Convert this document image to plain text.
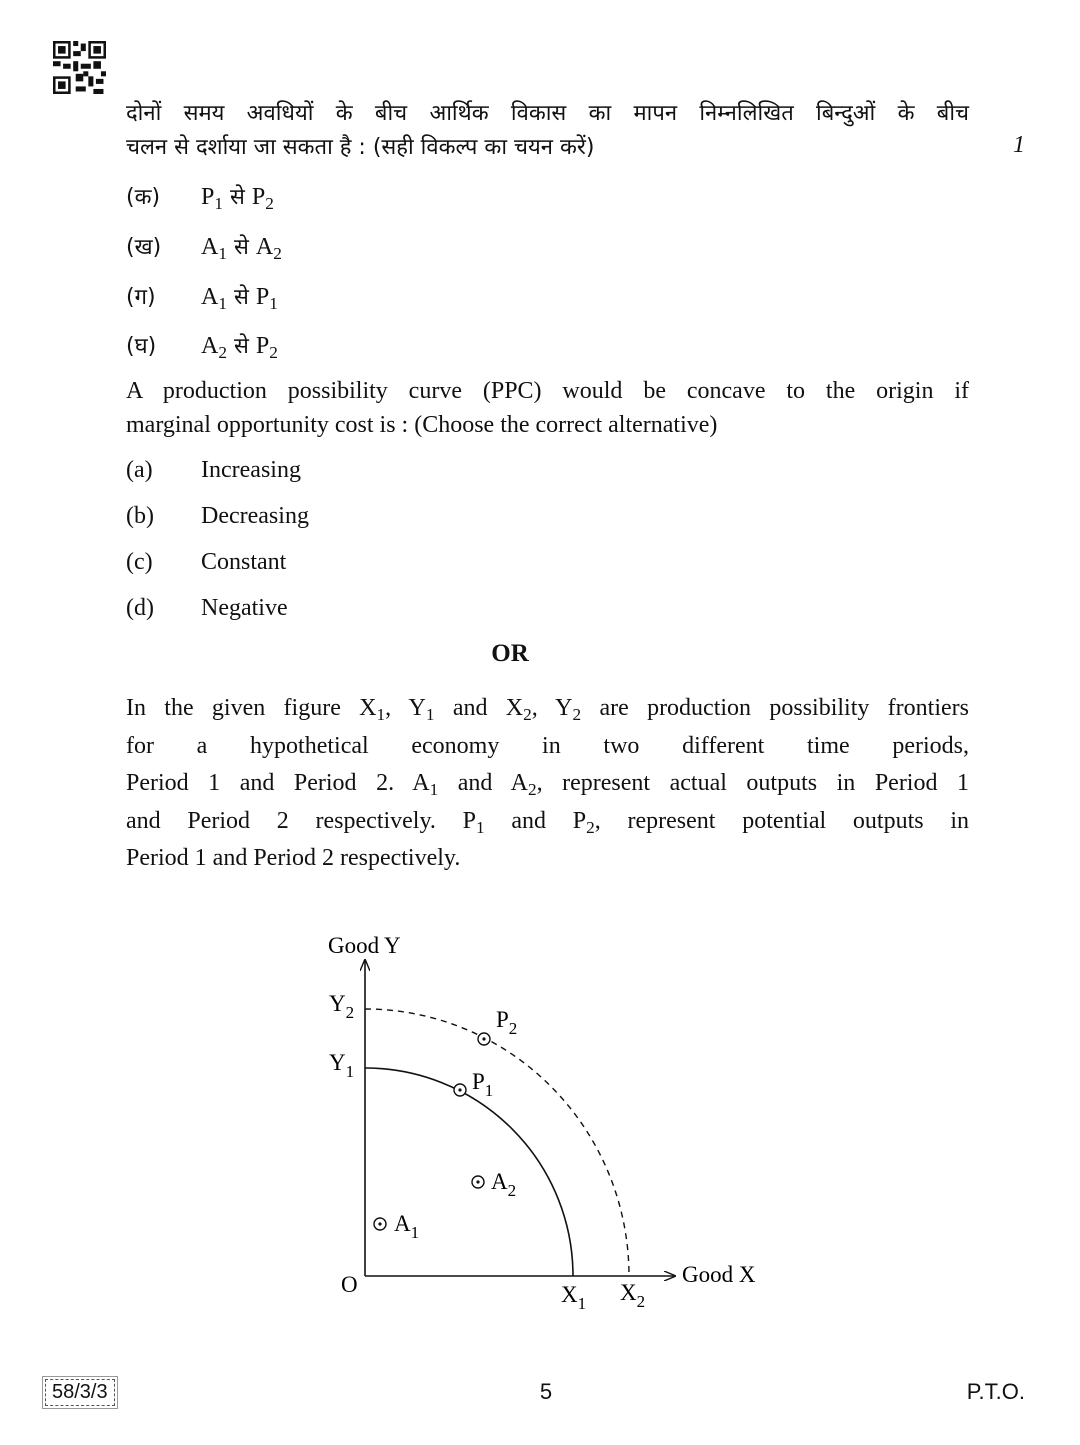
दोनों समय अवधियों के बीच आर्थिक विकास का मापन निम्नलिखित बिन्दुओं के बीच
चलन से दर्शाया जा सकता है : (सही विकल्प का चयन करें)	1
(क)	$P_1$ से $P_2$
(ख)	$A_1$ से $A_2$
(ग)	$A_1$ से $P_1$
(घ)	$A_2$ से $P_2$
A production possibility curve (PPC) would be concave to the origin if
marginal opportunity cost is : (Choose the correct alternative)
(a)	Increasing
(b)	Decreasing
(c)	Constant
(d)	Negative
OR
In the given figure $X_1$, $Y_1$ and $X_2$, $Y_2$ are production possibility frontiers
for a hypothetical economy in two different time periods,
Period 1 and Period 2. $A_1$ and $A_2$, represent actual outputs in Period 1
and Period 2 respectively. $P_1$ and $P_2$, represent potential outputs in
Period 1 and Period 2 respectively.
Good Y
Good X
O
$Y_2$
$Y_1$
$X_1$ $X_2$
$P_1$
$P_2$
$A_1$
$A_2$
58/3/3	5	P.T.O.
